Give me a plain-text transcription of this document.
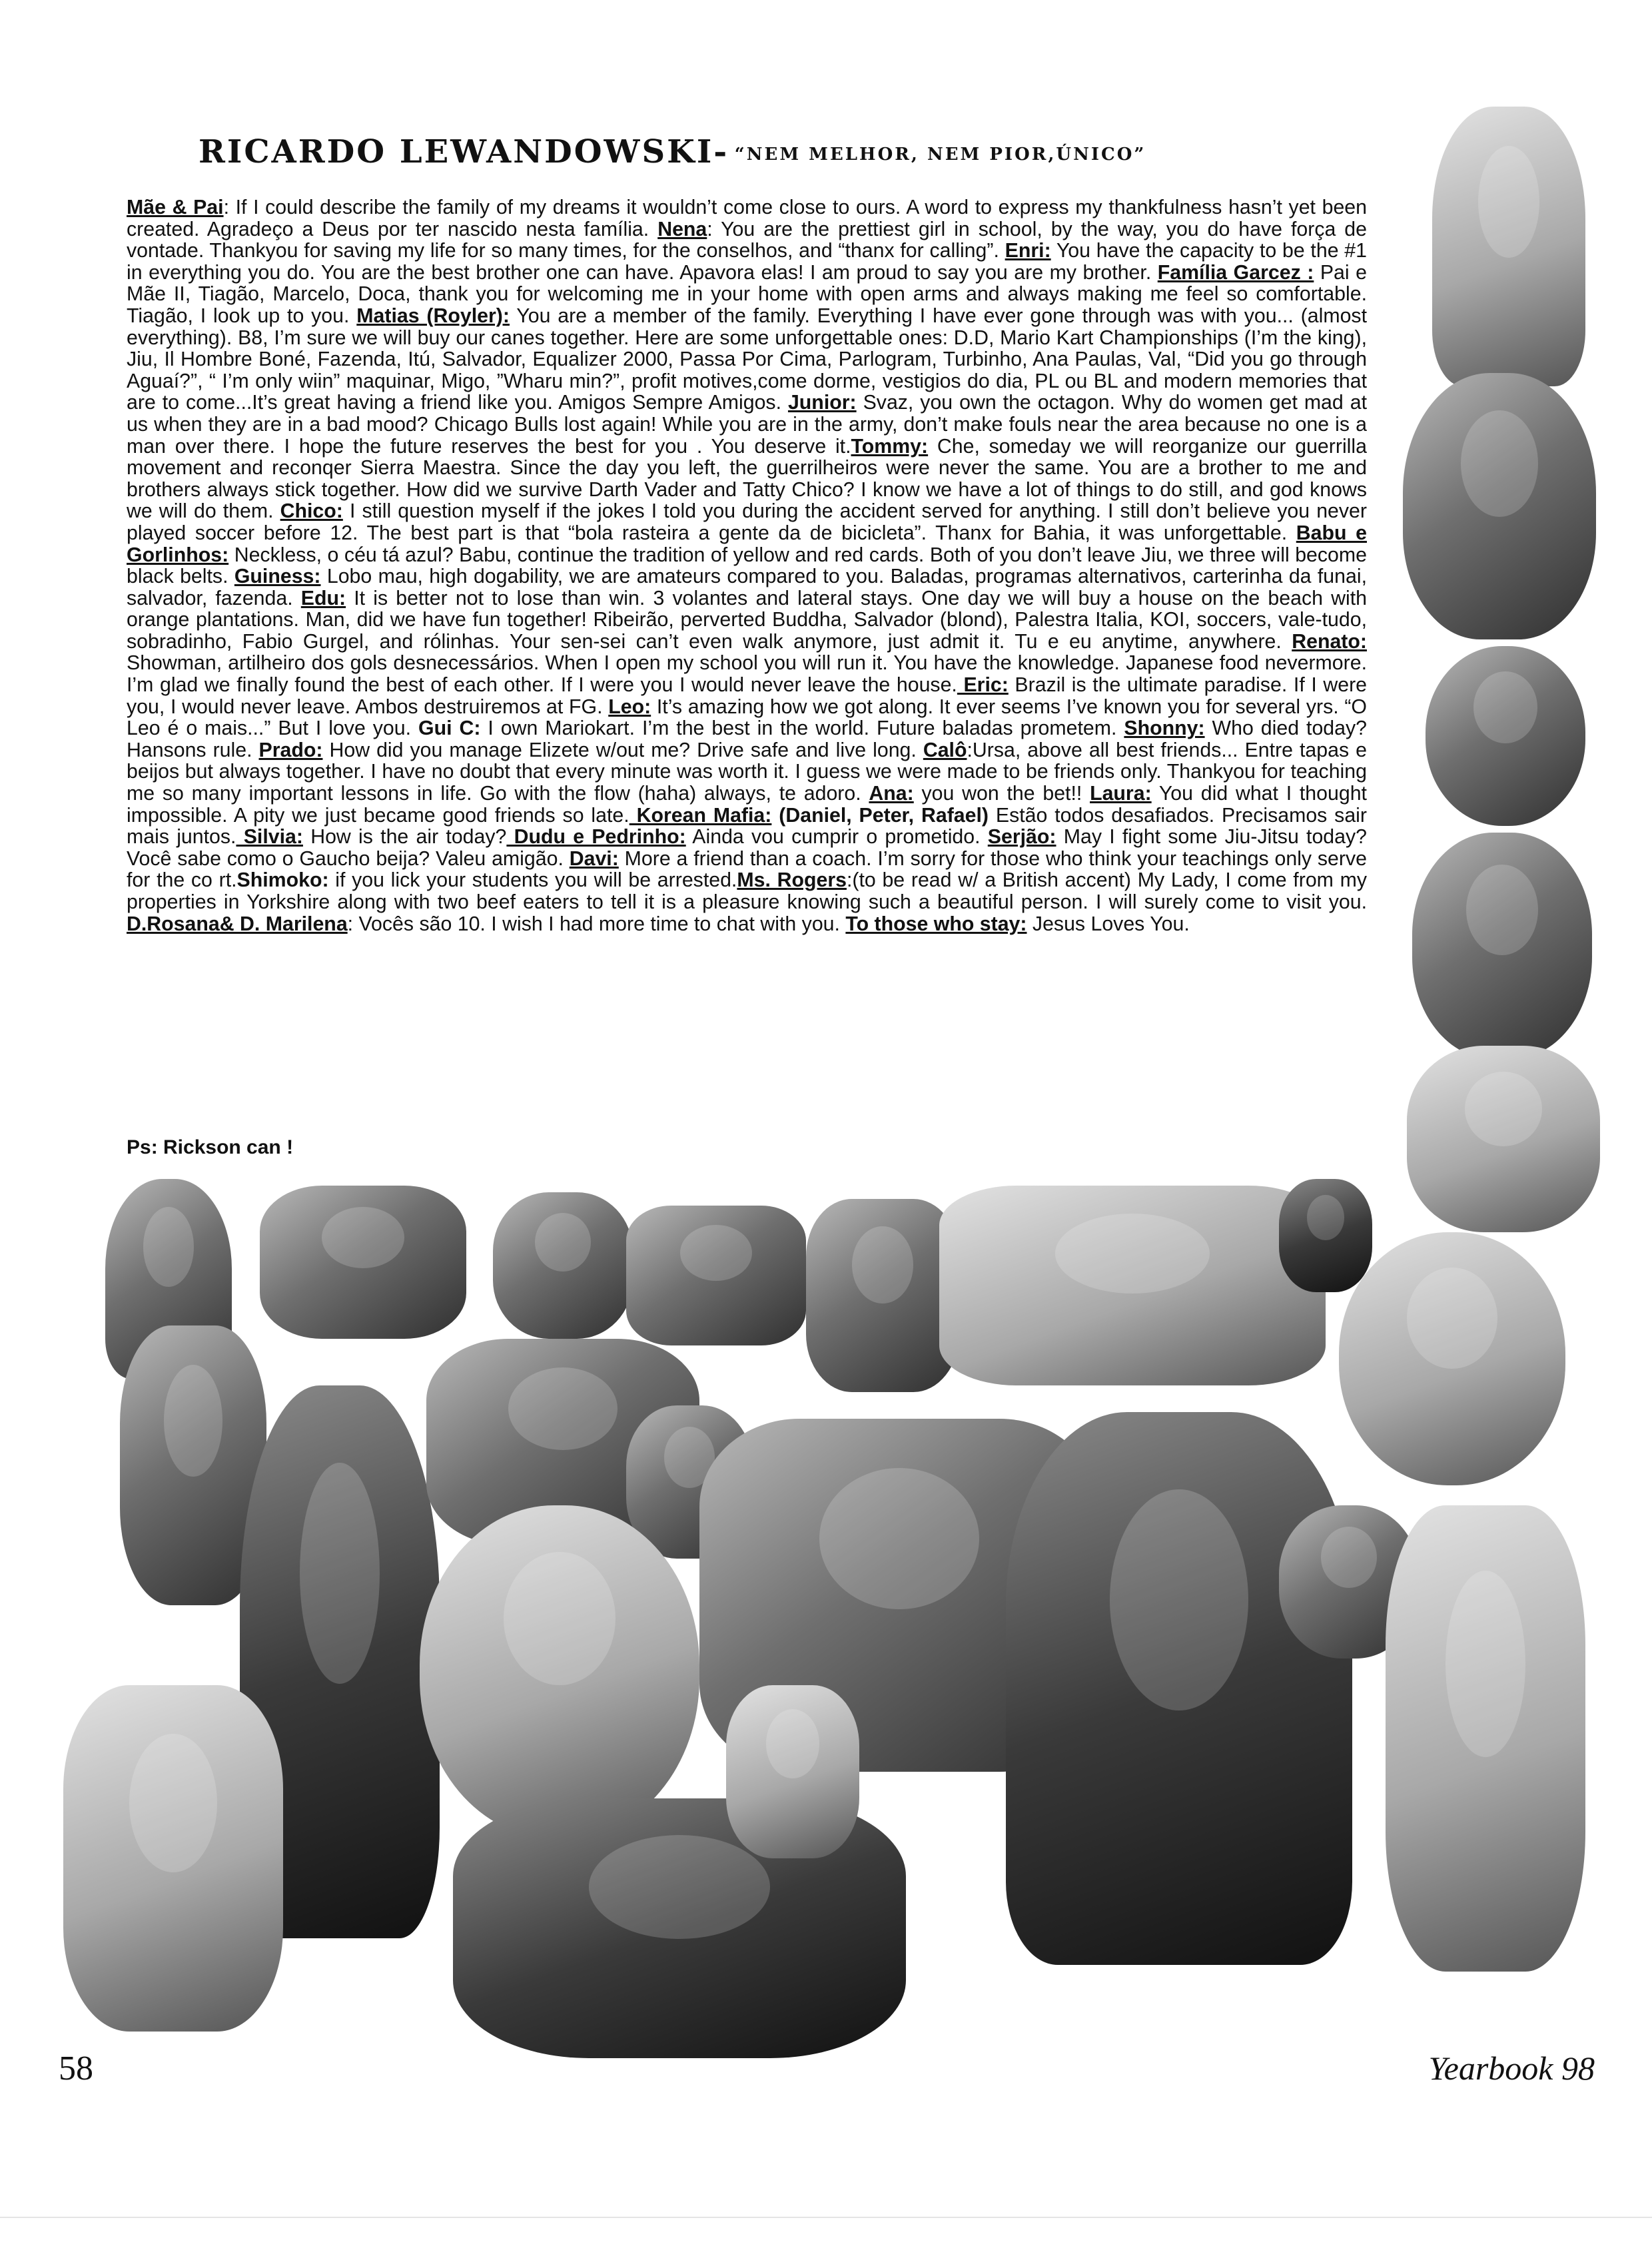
RICARDO LEWANDOWSKI- “NEM MELHOR, NEM PIOR,ÚNICO”
Mãe & Pai: If I could describe the family of my dreams it wouldn’t come close to ours. A word to express my thankfulness hasn’t yet been created. Agradeço a Deus por ter nascido nesta família. Nena: You are the prettiest girl in school, by the way, you do have força de vontade. Thankyou for saving my life for so many times, for the conselhos, and “thanx for calling”. Enri: You have the capacity to be the #1 in everything you do. You are the best brother one can have. Apavora elas! I am proud to say you are my brother. Família Garcez : Pai e Mãe II, Tiagão, Marcelo, Doca, thank you for welcoming me in your home with open arms and always making me feel so comfortable. Tiagão, I look up to you. Matias (Royler): You are a member of the family. Everything I have ever gone through was with you... (almost everything). B8, I’m sure we will buy our canes together. Here are some unforgettable ones: D.D, Mario Kart Championships (I’m the king), Jiu, Il Hombre Boné, Fazenda, Itú, Salvador, Equalizer 2000, Passa Por Cima, Parlogram, Turbinho, Ana Paulas, Val, “Did you go through Aguaí?”, “ I’m only wiin” maquinar, Migo, ”Wharu min?”, profit motives,come dorme, vestigios do dia, PL ou BL and modern memories that are to come...It’s great having a friend like you. Amigos Sempre Amigos. Junior: Svaz, you own the octagon. Why do women get mad at us when they are in a bad mood? Chicago Bulls lost again! While you are in the army, don’t make fouls near the area because no one is a man over there. I hope the future reserves the best for you . You deserve it.Tommy: Che, someday we will reorganize our guerrilla movement and reconqer Sierra Maestra. Since the day you left, the guerrilheiros were never the same. You are a brother to me and brothers always stick together. How did we survive Darth Vader and Tatty Chico? I know we have a lot of things to do still, and god knows we will do them. Chico: I still question myself if the jokes I told you during the accident served for anything. I still don’t believe you never played soccer before 12. The best part is that “bola rasteira a gente da de bicicleta”. Thanx for Bahia, it was unforgettable. Babu e Gorlinhos: Neckless, o céu tá azul? Babu, continue the tradition of yellow and red cards. Both of you don’t leave Jiu, we three will become black belts. Guiness: Lobo mau, high dogability, we are amateurs compared to you. Baladas, programas alternativos, carterinha da funai, salvador, fazenda. Edu: It is better not to lose than win. 3 volantes and lateral stays. One day we will buy a house on the beach with orange plantations. Man, did we have fun together! Ribeirão, perverted Buddha, Salvador (blond), Palestra Italia, KOI, soccers, vale-tudo, sobradinho, Fabio Gurgel, and rólinhas. Your sen-sei can’t even walk anymore, just admit it. Tu e eu anytime, anywhere. Renato: Showman, artilheiro dos gols desnecessários. When I open my school you will run it. You have the knowledge. Japanese food nevermore. I’m glad we finally found the best of each other. If I were you I would never leave the house. Eric: Brazil is the ultimate paradise. If I were you, I would never leave. Ambos destruiremos at FG. Leo: It’s amazing how we got along. It ever seems I’ve known you for several yrs. “O Leo é o mais...” But I love you. Gui C: I own Mariokart. I’m the best in the world. Future baladas prometem. Shonny: Who died today? Hansons rule. Prado: How did you manage Elizete w/out me? Drive safe and live long. Calô:Ursa, above all best friends... Entre tapas e beijos but always together. I have no doubt that every minute was worth it. I guess we were made to be friends only. Thankyou for teaching me so many important lessons in life. Go with the flow (haha) always, te adoro. Ana: you won the bet!! Laura: You did what I thought impossible. A pity we just became good friends so late. Korean Mafia: (Daniel, Peter, Rafael) Estão todos desafiados. Precisamos sair mais juntos. Silvia: How is the air today? Dudu e Pedrinho: Ainda vou cumprir o prometido. Serjão: May I fight some Jiu-Jitsu today? Você sabe como o Gaucho beija? Valeu amigão. Davi: More a friend than a coach. I’m sorry for those who think your teachings only serve for the co rt.Shimoko: if you lick your students you will be arrested.Ms. Rogers:(to be read w/ a British accent) My Lady, I come from my properties in Yorkshire along with two beef eaters to tell it is a pleasure knowing such a beautiful person. I will surely come to visit you. D.Rosana& D. Marilena: Vocês são 10. I wish I had more time to chat with you. To those who stay: Jesus Loves You.
Ps: Rickson can !
58	Yearbook 98
